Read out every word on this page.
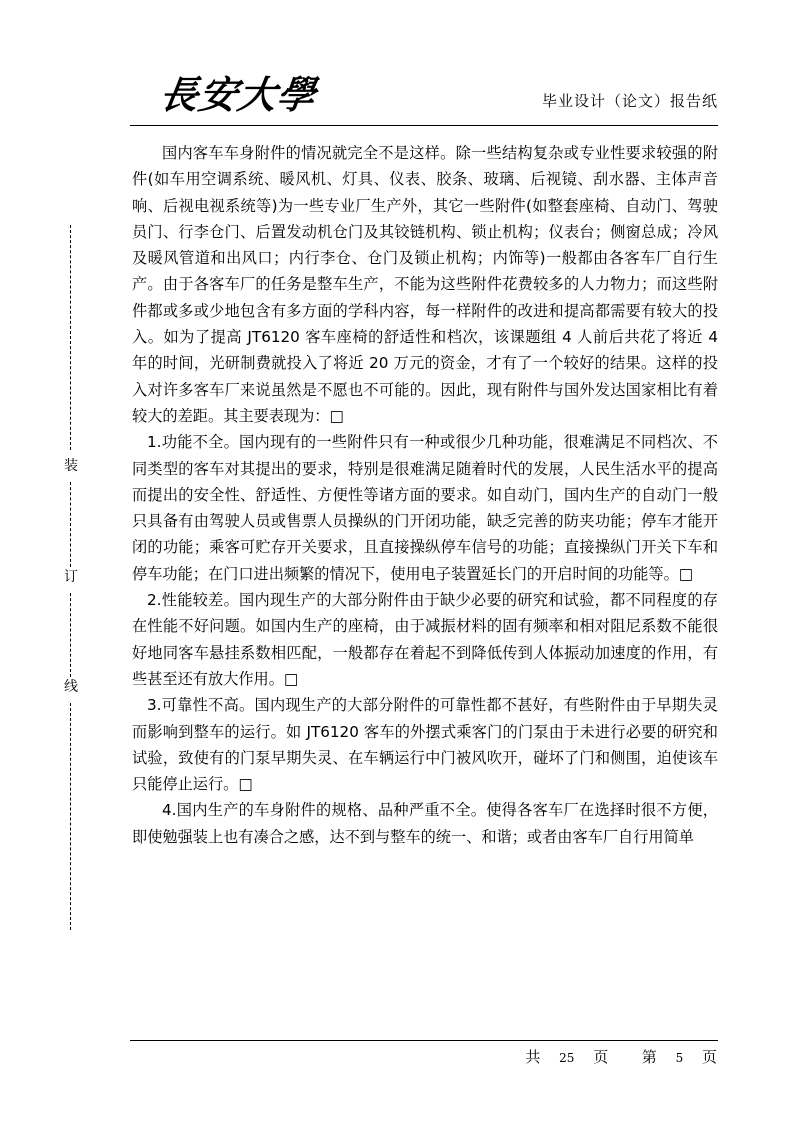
長安大學	毕业设计（论文）报告纸
装
订
线

国内客车车身附件的情况就完全不是这样。除一些结构复杂或专业性要求较强的附件(如车用空调系统、暖风机、灯具、仪表、胶条、玻璃、后视镜、刮水器、主体声音响、后视电视系统等)为一些专业厂生产外，其它一些附件(如整套座椅、自动门、驾驶员门、行李仓门、后置发动机仓门及其铰链机构、锁止机构；仪表台；侧窗总成；冷风及暖风管道和出风口；内行李仓、仓门及锁止机构；内饰等)一般都由各客车厂自行生产。由于各客车厂的任务是整车生产，不能为这些附件花费较多的人力物力；而这些附件都或多或少地包含有多方面的学科内容，每一样附件的改进和提高都需要有较大的投入。如为了提高 JT6120 客车座椅的舒适性和档次，该课题组 4 人前后共花了将近 4 年的时间，光研制费就投入了将近 20 万元的资金，才有了一个较好的结果。这样的投入对许多客车厂来说虽然是不愿也不可能的。因此，现有附件与国外发达国家相比有着较大的差距。其主要表现为：□

1.功能不全。国内现有的一些附件只有一种或很少几种功能，很难满足不同档次、不同类型的客车对其提出的要求，特别是很难满足随着时代的发展，人民生活水平的提高而提出的安全性、舒适性、方便性等诸方面的要求。如自动门，国内生产的自动门一般只具备有由驾驶人员或售票人员操纵的门开闭功能，缺乏完善的防夹功能；停车才能开闭的功能；乘客可贮存开关要求，且直接操纵停车信号的功能；直接操纵门开关下车和停车功能；在门口进出频繁的情况下，使用电子装置延长门的开启时间的功能等。□

2.性能较差。国内现生产的大部分附件由于缺少必要的研究和试验，都不同程度的存在性能不好问题。如国内生产的座椅，由于减振材料的固有频率和相对阻尼系数不能很好地同客车悬挂系数相匹配，一般都存在着起不到降低传到人体振动加速度的作用，有些甚至还有放大作用。□

3.可靠性不高。国内现生产的大部分附件的可靠性都不甚好，有些附件由于早期失灵而影响到整车的运行。如 JT6120 客车的外摆式乘客门的门泵由于未进行必要的研究和试验，致使有的门泵早期失灵、在车辆运行中门被风吹开，碰坏了门和侧围，迫使该车只能停止运行。□

4.国内生产的车身附件的规格、品种严重不全。使得各客车厂在选择时很不方便，即使勉强装上也有凑合之感，达不到与整车的统一、和谐；或者由客车厂自行用简单

共 25 页 第 5 页
